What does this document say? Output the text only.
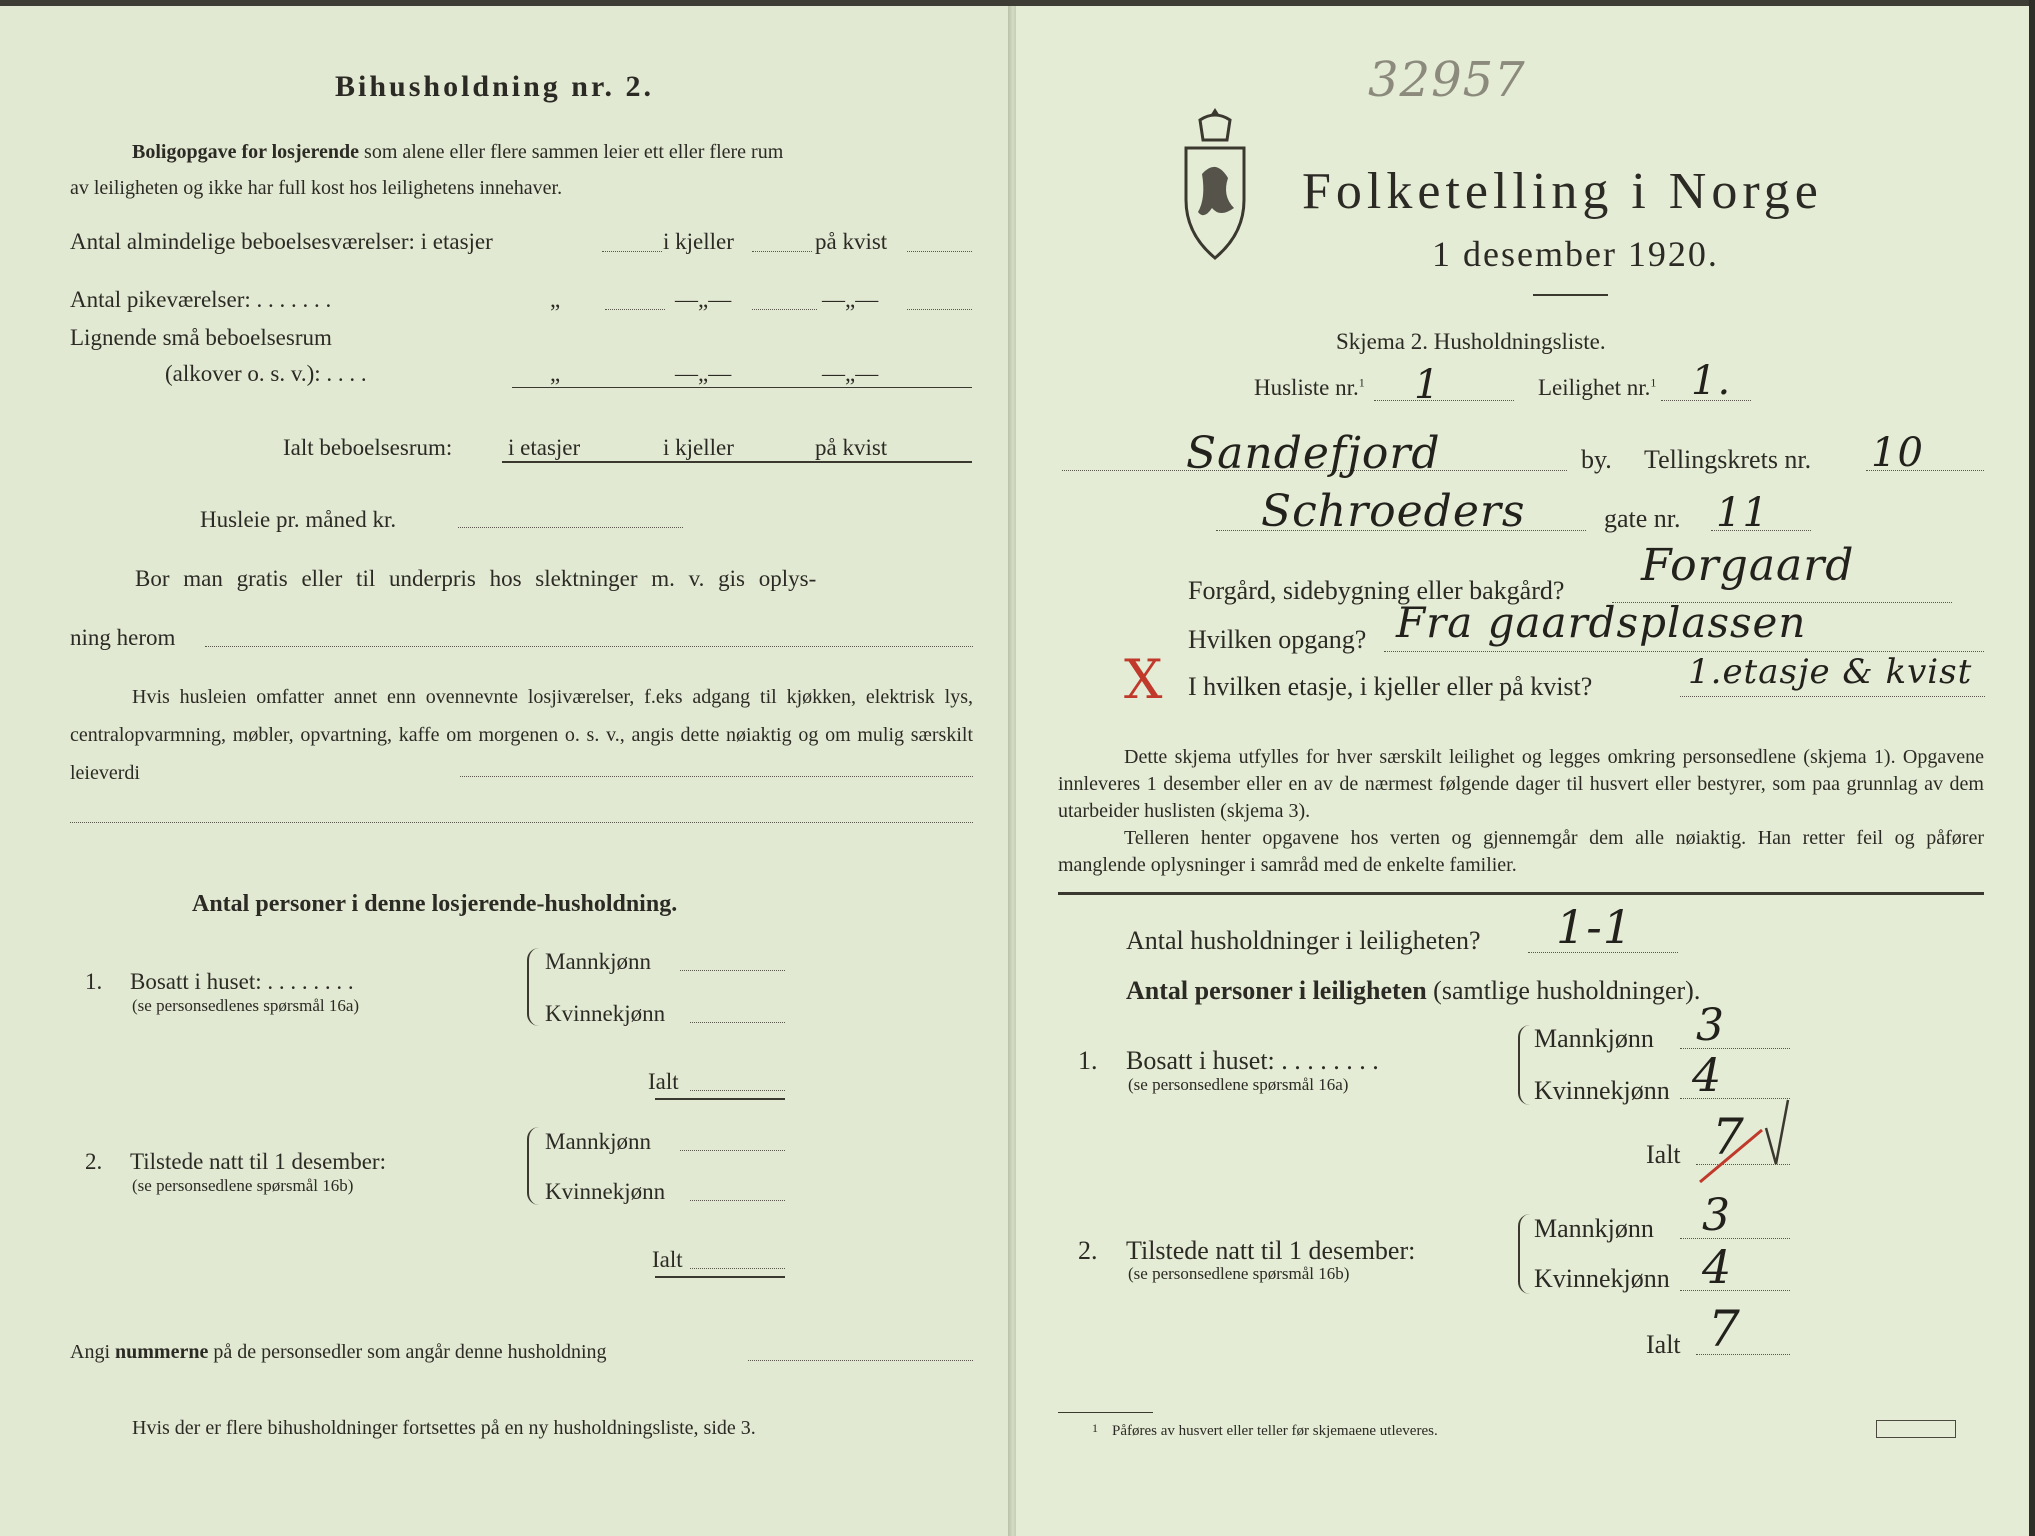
Bihusholdning nr. 2.
Boligopgave for losjerende som alene eller flere sammen leier ett eller flere rum
av leiligheten og ikke har full kost hos leilighetens innehaver.
Antal almindelige beboelsesværelser: i etasjer	i kjeller	på kvist
Antal pikeværelser: . . . . . . .	„	—„—	—„—
Lignende små beboelsesrum
(alkover o. s. v.): . . . .	„	—„—	—„—
Ialt beboelsesrum: i etasjer	i kjeller	på kvist
Husleie pr. måned kr.
Bor man gratis eller til underpris hos slektninger m. v. gis oplys-
ning herom
Hvis husleien omfatter annet enn ovennevnte losjiværelser, f.eks adgang til kjøkken, elektrisk lys, centralopvarmning, møbler, opvartning, kaffe om morgenen o. s. v., angis dette nøiaktig og om mulig særskilt leieverdi
Antal personer i denne losjerende-husholdning.
1. Bosatt i huset: . . . . . . . .
(se personsedlenes spørsmål 16a)
Mannkjønn
Kvinnekjønn
Ialt
2. Tilstede natt til 1 desember:
(se personsedlene spørsmål 16b)
Mannkjønn
Kvinnekjønn
Ialt
Angi nummerne på de personsedler som angår denne husholdning
Hvis der er flere bihusholdninger fortsettes på en ny husholdningsliste, side 3.
32957
Folketelling i Norge
1 desember 1920.
Skjema 2. Husholdningsliste.
Husliste nr.$^1$ 1	Leilighet nr.$^1$ 1.
Sandefjord	by. Tellingskrets nr. 10
Schroeders	gate nr. 11
Forgård, sidebygning eller bakgård? Forgaard
Hvilken opgang? Fra gaardsplassen
X I hvilken etasje, i kjeller eller på kvist?	1.etasje & kvist
Dette skjema utfylles for hver særskilt leilighet og legges omkring personsedlene (skjema 1). Opgavene innleveres 1 desember eller en av de nærmest følgende dager til husvert eller bestyrer, som paa grunnlag av dem utarbeider huslisten (skjema 3).
Telleren henter opgavene hos verten og gjennemgår dem alle nøiaktig. Han retter feil og påfører manglende oplysninger i samråd med de enkelte familier.
Antal husholdninger i leiligheten? 1-1
Antal personer i leiligheten (samtlige husholdninger).
1. Bosatt i huset: . . . . . . . .
(se personsedlene spørsmål 16a)
Mannkjønn 3
Kvinnekjønn 4
Ialt 7
2. Tilstede natt til 1 desember:
(se personsedlene spørsmål 16b)
Mannkjønn 3
Kvinnekjønn 4
Ialt 7
1 Påføres av husvert eller teller før skjemaene utleveres.
